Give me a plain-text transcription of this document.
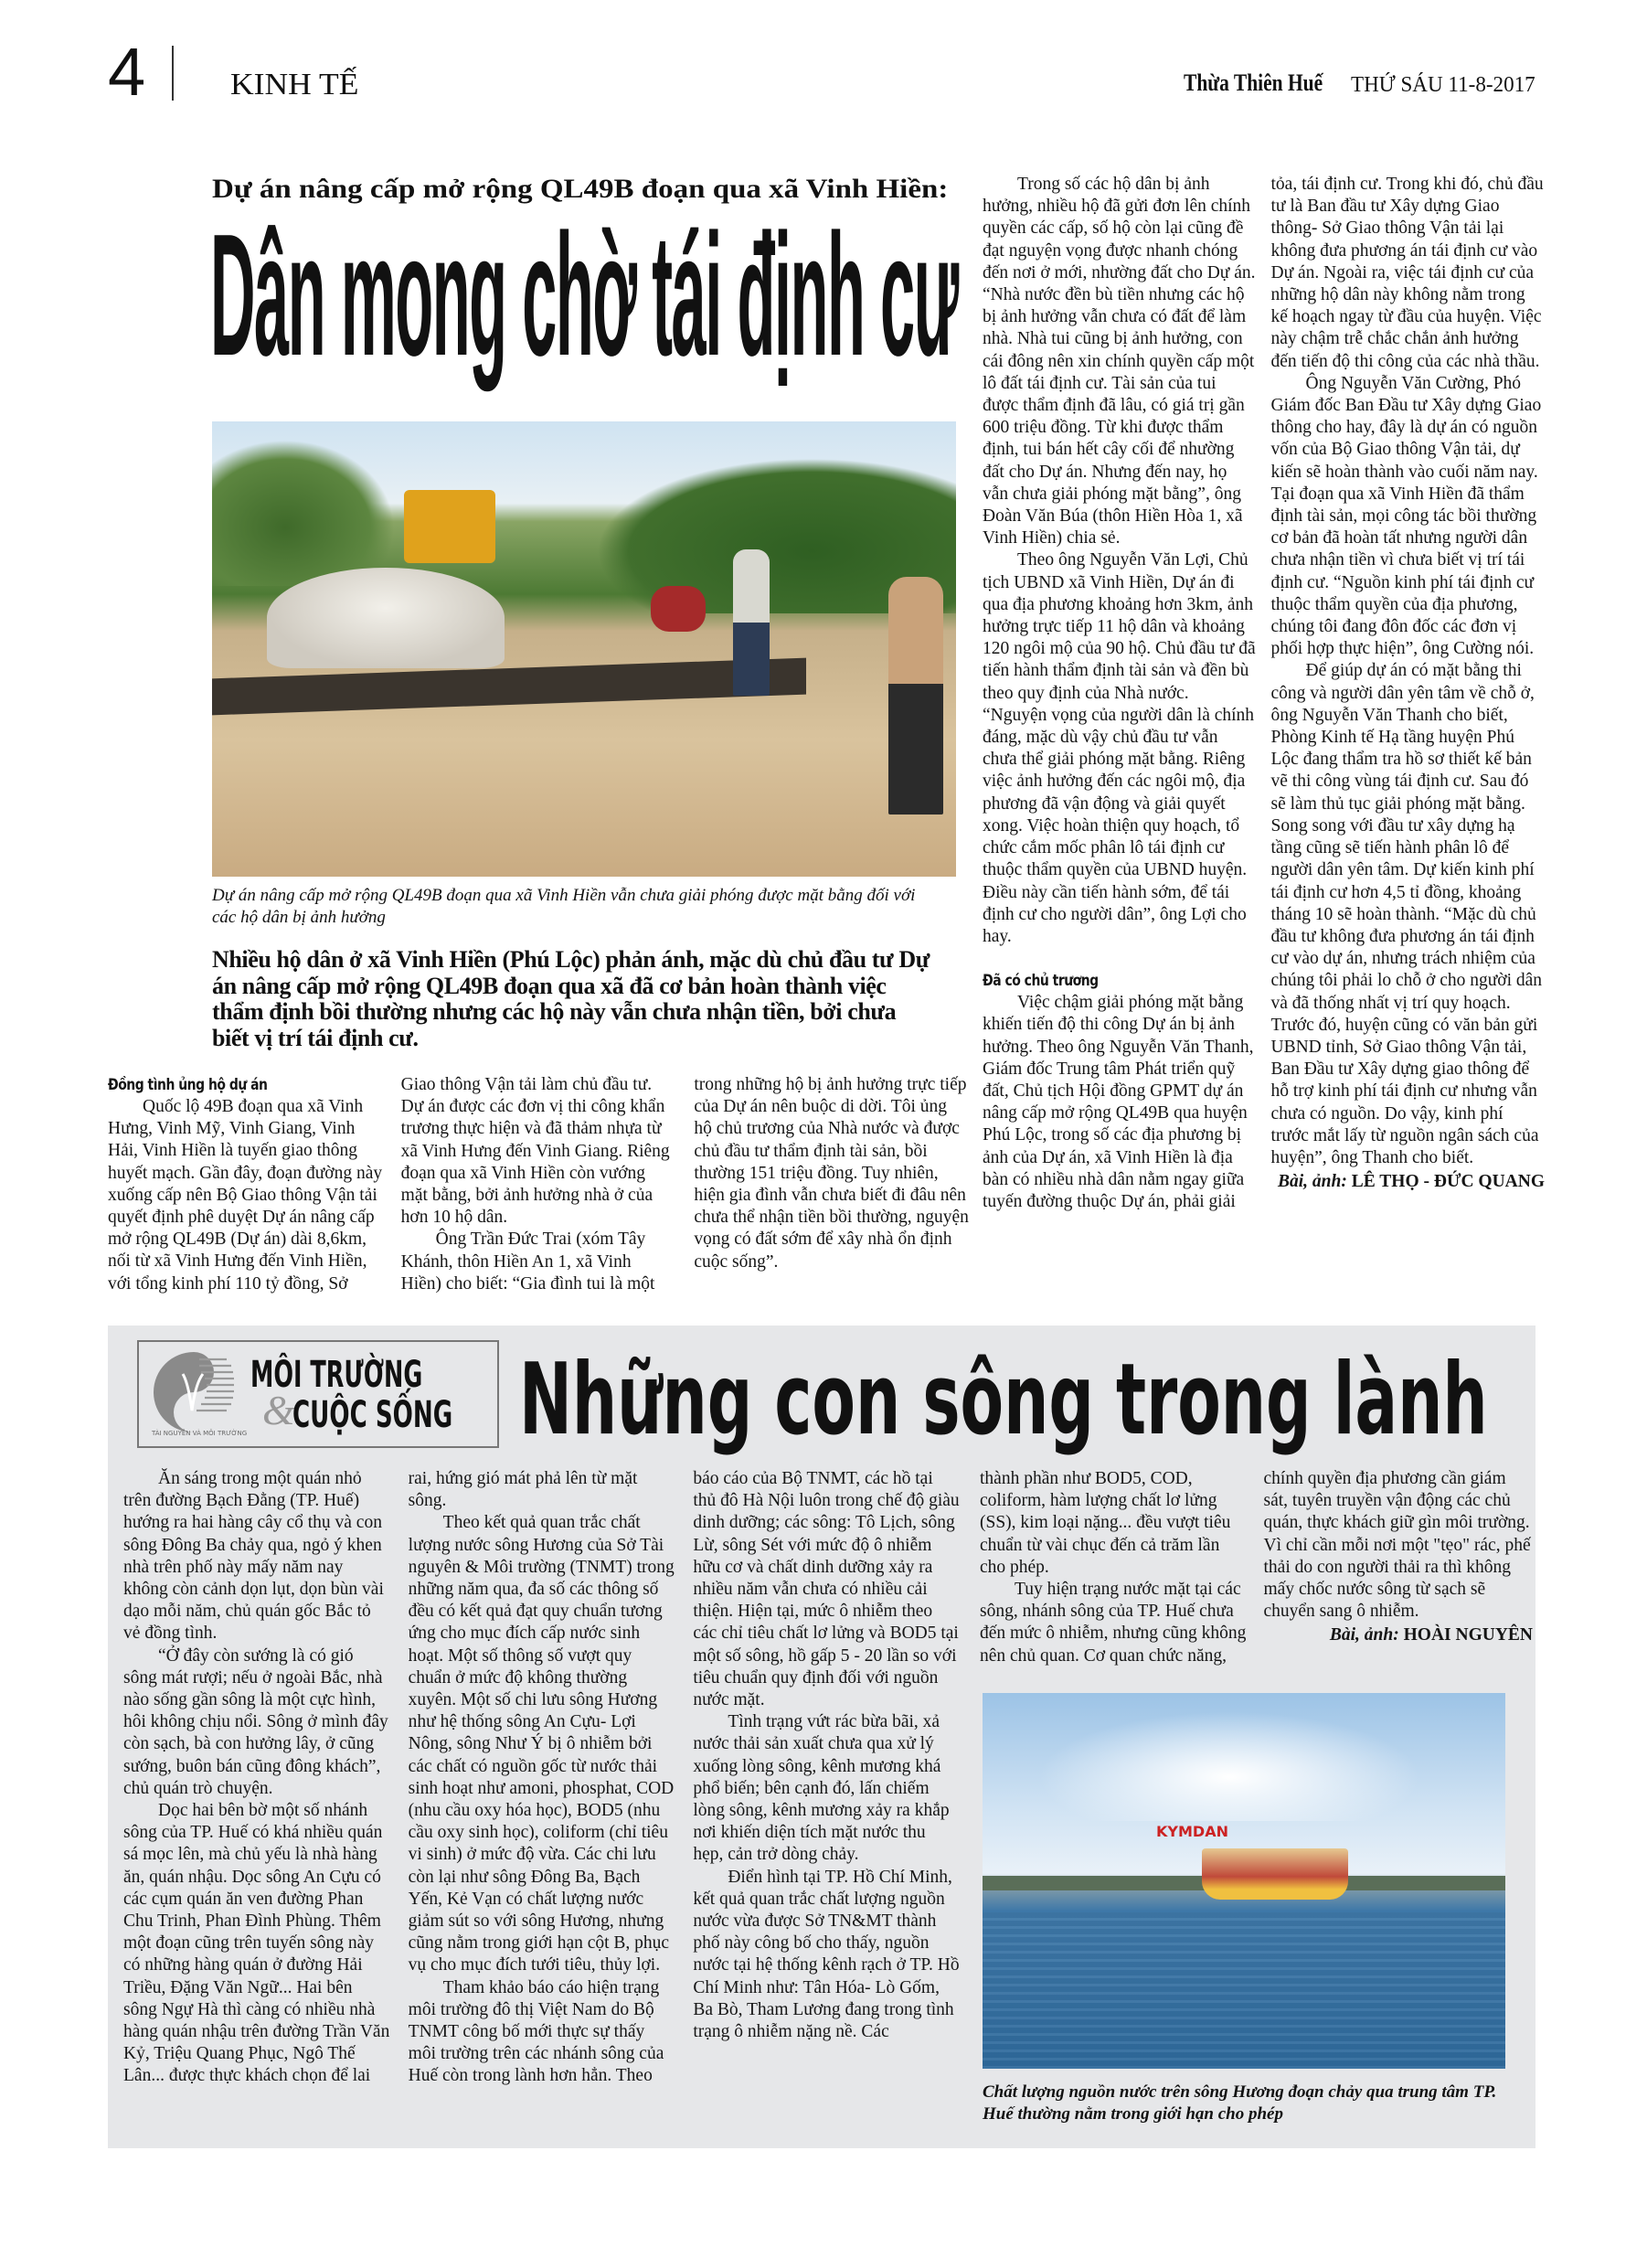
4	KINH TẾ	Thừa Thiên Huế THỨ SÁU 11-8-2017
Dự án nâng cấp mở rộng QL49B đoạn qua xã Vinh Hiền:
Dân mong chờ tái định cư
Dự án nâng cấp mở rộng QL49B đoạn qua xã Vinh Hiền vẫn chưa giải phóng được mặt bằng đối với các hộ dân bị ảnh hưởng
Nhiều hộ dân ở xã Vinh Hiền (Phú Lộc) phản ánh, mặc dù chủ đầu tư Dự án nâng cấp mở rộng QL49B đoạn qua xã đã cơ bản hoàn thành việc thẩm định bồi thường nhưng các hộ này vẫn chưa nhận tiền, bởi chưa biết vị trí tái định cư.
Đồng tình ủng hộ dự án

Quốc lộ 49B đoạn qua xã Vinh Hưng, Vinh Mỹ, Vinh Giang, Vinh Hải, Vinh Hiền là tuyến giao thông huyết mạch. Gần đây, đoạn đường này xuống cấp nên Bộ Giao thông Vận tải quyết định phê duyệt Dự án nâng cấp mở rộng QL49B (Dự án) dài 8,6km, nối từ xã Vinh Hưng đến Vinh Hiền, với tổng kinh phí 110 tỷ đồng, Sở Giao thông Vận tải làm chủ đầu tư. Dự án được các đơn vị thi công khẩn trương thực hiện và đã thảm nhựa từ xã Vinh Hưng đến Vinh Giang. Riêng đoạn qua xã Vinh Hiền còn vướng mặt bằng, bởi ảnh hưởng nhà ở của hơn 10 hộ dân.

Ông Trần Đức Trai (xóm Tây Khánh, thôn Hiền An 1, xã Vinh Hiền) cho biết: “Gia đình tui là một trong những hộ bị ảnh hưởng trực tiếp của Dự án nên buộc di dời. Tôi ủng hộ chủ trương của Nhà nước và được chủ đầu tư thẩm định tài sản, bồi thường 151 triệu đồng. Tuy nhiên, hiện gia đình vẫn chưa biết đi đâu nên chưa thể nhận tiền bồi thường, nguyện vọng có đất sớm để xây nhà ổn định cuộc sống”.

Trong số các hộ dân bị ảnh hưởng, nhiều hộ đã gửi đơn lên chính quyền các cấp, số hộ còn lại cũng đề đạt nguyện vọng được nhanh chóng đến nơi ở mới, nhường đất cho Dự án. “Nhà nước đền bù tiền nhưng các hộ bị ảnh hưởng vẫn chưa có đất để làm nhà. Nhà tui cũng bị ảnh hưởng, con cái đông nên xin chính quyền cấp một lô đất tái định cư. Tài sản của tui được thẩm định đã lâu, có giá trị gần 600 triệu đồng. Từ khi được thẩm định, tui bán hết cây cối để nhường đất cho Dự án. Nhưng đến nay, họ vẫn chưa giải phóng mặt bằng”, ông Đoàn Văn Búa (thôn Hiền Hòa 1, xã Vinh Hiền) chia sẻ.

Theo ông Nguyễn Văn Lợi, Chủ tịch UBND xã Vinh Hiền, Dự án đi qua địa phương khoảng hơn 3km, ảnh hưởng trực tiếp 11 hộ dân và khoảng 120 ngôi mộ của 90 hộ. Chủ đầu tư đã tiến hành thẩm định tài sản và đền bù theo quy định của Nhà nước. “Nguyện vọng của người dân là chính đáng, mặc dù vậy chủ đầu tư vẫn chưa thể giải phóng mặt bằng. Riêng việc ảnh hưởng đến các ngôi mộ, địa phương đã vận động và giải quyết xong. Việc hoàn thiện quy hoạch, tổ chức cắm mốc phân lô tái định cư thuộc thẩm quyền của UBND huyện. Điều này cần tiến hành sớm, để tái định cư cho người dân”, ông Lợi cho hay.

Đã có chủ trương

Việc chậm giải phóng mặt bằng khiến tiến độ thi công Dự án bị ảnh hưởng. Theo ông Nguyễn Văn Thanh, Giám đốc Trung tâm Phát triển quỹ đất, Chủ tịch Hội đồng GPMT dự án nâng cấp mở rộng QL49B qua huyện Phú Lộc, trong số các địa phương bị ảnh của Dự án, xã Vinh Hiền là địa bàn có nhiều nhà dân nằm ngay giữa tuyến đường thuộc Dự án, phải giải tỏa, tái định cư. Trong khi đó, chủ đầu tư là Ban đầu tư Xây dựng Giao thông- Sở Giao thông Vận tải lại không đưa phương án tái định cư vào Dự án. Ngoài ra, việc tái định cư của những hộ dân này không nằm trong kế hoạch ngay từ đầu của huyện. Việc này chậm trễ chắc chắn ảnh hưởng đến tiến độ thi công của các nhà thầu.

Ông Nguyễn Văn Cường, Phó Giám đốc Ban Đầu tư Xây dựng Giao thông cho hay, đây là dự án có nguồn vốn của Bộ Giao thông Vận tải, dự kiến sẽ hoàn thành vào cuối năm nay. Tại đoạn qua xã Vinh Hiền đã thẩm định tài sản, mọi công tác bồi thường cơ bản đã hoàn tất nhưng người dân chưa nhận tiền vì chưa biết vị trí tái định cư. “Nguồn kinh phí tái định cư thuộc thẩm quyền của địa phương, chúng tôi đang đôn đốc các đơn vị phối hợp thực hiện”, ông Cường nói.

Để giúp dự án có mặt bằng thi công và người dân yên tâm về chỗ ở, ông Nguyễn Văn Thanh cho biết, Phòng Kinh tế Hạ tầng huyện Phú Lộc đang thẩm tra hồ sơ thiết kế bản vẽ thi công vùng tái định cư. Sau đó sẽ làm thủ tục giải phóng mặt bằng. Song song với đầu tư xây dựng hạ tầng cũng sẽ tiến hành phân lô để người dân yên tâm. Dự kiến kinh phí tái định cư hơn 4,5 tỉ đồng, khoảng tháng 10 sẽ hoàn thành. “Mặc dù chủ đầu tư không đưa phương án tái định cư vào dự án, nhưng trách nhiệm của chúng tôi phải lo chỗ ở cho người dân và đã thống nhất vị trí quy hoạch. Trước đó, huyện cũng có văn bản gửi UBND tỉnh, Sở Giao thông Vận tải, Ban Đầu tư Xây dựng giao thông để hỗ trợ kinh phí tái định cư nhưng vẫn chưa có nguồn. Do vậy, kinh phí trước mắt lấy từ nguồn ngân sách của huyện”, ông Thanh cho biết.

Bài, ảnh: LÊ THỌ - ĐỨC QUANG
TÀI NGUYÊN VÀ MÔI TRƯỜNG
MÔI TRƯỜNG
&
CUỘC SỐNG Những con sông trong lành

Ăn sáng trong một quán nhỏ trên đường Bạch Đằng (TP. Huế) hướng ra hai hàng cây cổ thụ và con sông Đông Ba chảy qua, ngỏ ý khen nhà trên phố này mấy năm nay không còn cảnh dọn lụt, dọn bùn vài dạo mỗi năm, chủ quán gốc Bắc tỏ vẻ đồng tình.

“Ở đây còn sướng là có gió sông mát rượi; nếu ở ngoài Bắc, nhà nào sống gần sông là một cực hình, hôi không chịu nổi. Sông ở mình đây còn sạch, bà con hưởng lây, ở cũng sướng, buôn bán cũng đông khách”, chủ quán trò chuyện.

Dọc hai bên bờ một số nhánh sông của TP. Huế có khá nhiều quán sá mọc lên, mà chủ yếu là nhà hàng ăn, quán nhậu. Dọc sông An Cựu có các cụm quán ăn ven đường Phan Chu Trinh, Phan Đình Phùng. Thêm một đoạn cũng trên tuyến sông này có những hàng quán ở đường Hải Triều, Đặng Văn Ngữ... Hai bên sông Ngự Hà thì càng có nhiều nhà hàng quán nhậu trên đường Trần Văn Kỷ, Triệu Quang Phục, Ngô Thế Lân... được thực khách chọn để lai rai, hứng gió mát phả lên từ mặt sông.

Theo kết quả quan trắc chất lượng nước sông Hương của Sở Tài nguyên & Môi trường (TNMT) trong những năm qua, đa số các thông số đều có kết quả đạt quy chuẩn tương ứng cho mục đích cấp nước sinh hoạt. Một số thông số vượt quy chuẩn ở mức độ không thường xuyên. Một số chi lưu sông Hương như hệ thống sông An Cựu- Lợi Nông, sông Như Ý bị ô nhiễm bởi các chất có nguồn gốc từ nước thải sinh hoạt như amoni, phosphat, COD (nhu cầu oxy hóa học), BOD5 (nhu cầu oxy sinh học), coliform (chỉ tiêu vi sinh) ở mức độ vừa. Các chi lưu còn lại như sông Đông Ba, Bạch Yến, Kẻ Vạn có chất lượng nước giảm sút so với sông Hương, nhưng cũng nằm trong giới hạn cột B, phục vụ cho mục đích tưới tiêu, thủy lợi.

Tham khảo báo cáo hiện trạng môi trường đô thị Việt Nam do Bộ TNMT công bố mới thực sự thấy môi trường trên các nhánh sông của Huế còn trong lành hơn hẳn. Theo báo cáo của Bộ TNMT, các hồ tại thủ đô Hà Nội luôn trong chế độ giàu dinh dưỡng; các sông: Tô Lịch, sông Lừ, sông Sét với mức độ ô nhiễm hữu cơ và chất dinh dưỡng xảy ra nhiều năm vẫn chưa có nhiều cải thiện. Hiện tại, mức ô nhiễm theo các chỉ tiêu chất lơ lửng và BOD5 tại một số sông, hồ gấp 5 - 20 lần so với tiêu chuẩn quy định đối với nguồn nước mặt.

Tình trạng vứt rác bừa bãi, xả nước thải sản xuất chưa qua xử lý xuống lòng sông, kênh mương khá phổ biến; bên cạnh đó, lấn chiếm lòng sông, kênh mương xảy ra khắp nơi khiến diện tích mặt nước thu hẹp, cản trở dòng chảy.

Điển hình tại TP. Hồ Chí Minh, kết quả quan trắc chất lượng nguồn nước vừa được Sở TN&MT thành phố này công bố cho thấy, nguồn nước tại hệ thống kênh rạch ở TP. Hồ Chí Minh như: Tân Hóa- Lò Gốm, Ba Bò, Tham Lương đang trong tình trạng ô nhiễm nặng nề. Các

thành phần như BOD5, COD, coliform, hàm lượng chất lơ lửng (SS), kim loại nặng... đều vượt tiêu chuẩn từ vài chục đến cả trăm lần cho phép.

Tuy hiện trạng nước mặt tại các sông, nhánh sông của TP. Huế chưa đến mức ô nhiễm, nhưng cũng không nên chủ quan. Cơ quan chức năng, chính quyền địa phương cần giám sát, tuyên truyền vận động các chủ quán, thực khách giữ gìn môi trường. Vì chỉ cần mỗi nơi một "tẹo" rác, phế thải do con người thải ra thì không mấy chốc nước sông từ sạch sẽ chuyển sang ô nhiễm.

Bài, ảnh: HOÀI NGUYÊN
KYMDAN
Chất lượng nguồn nước trên sông Hương đoạn chảy qua trung tâm TP. Huế thường nằm trong giới hạn cho phép
